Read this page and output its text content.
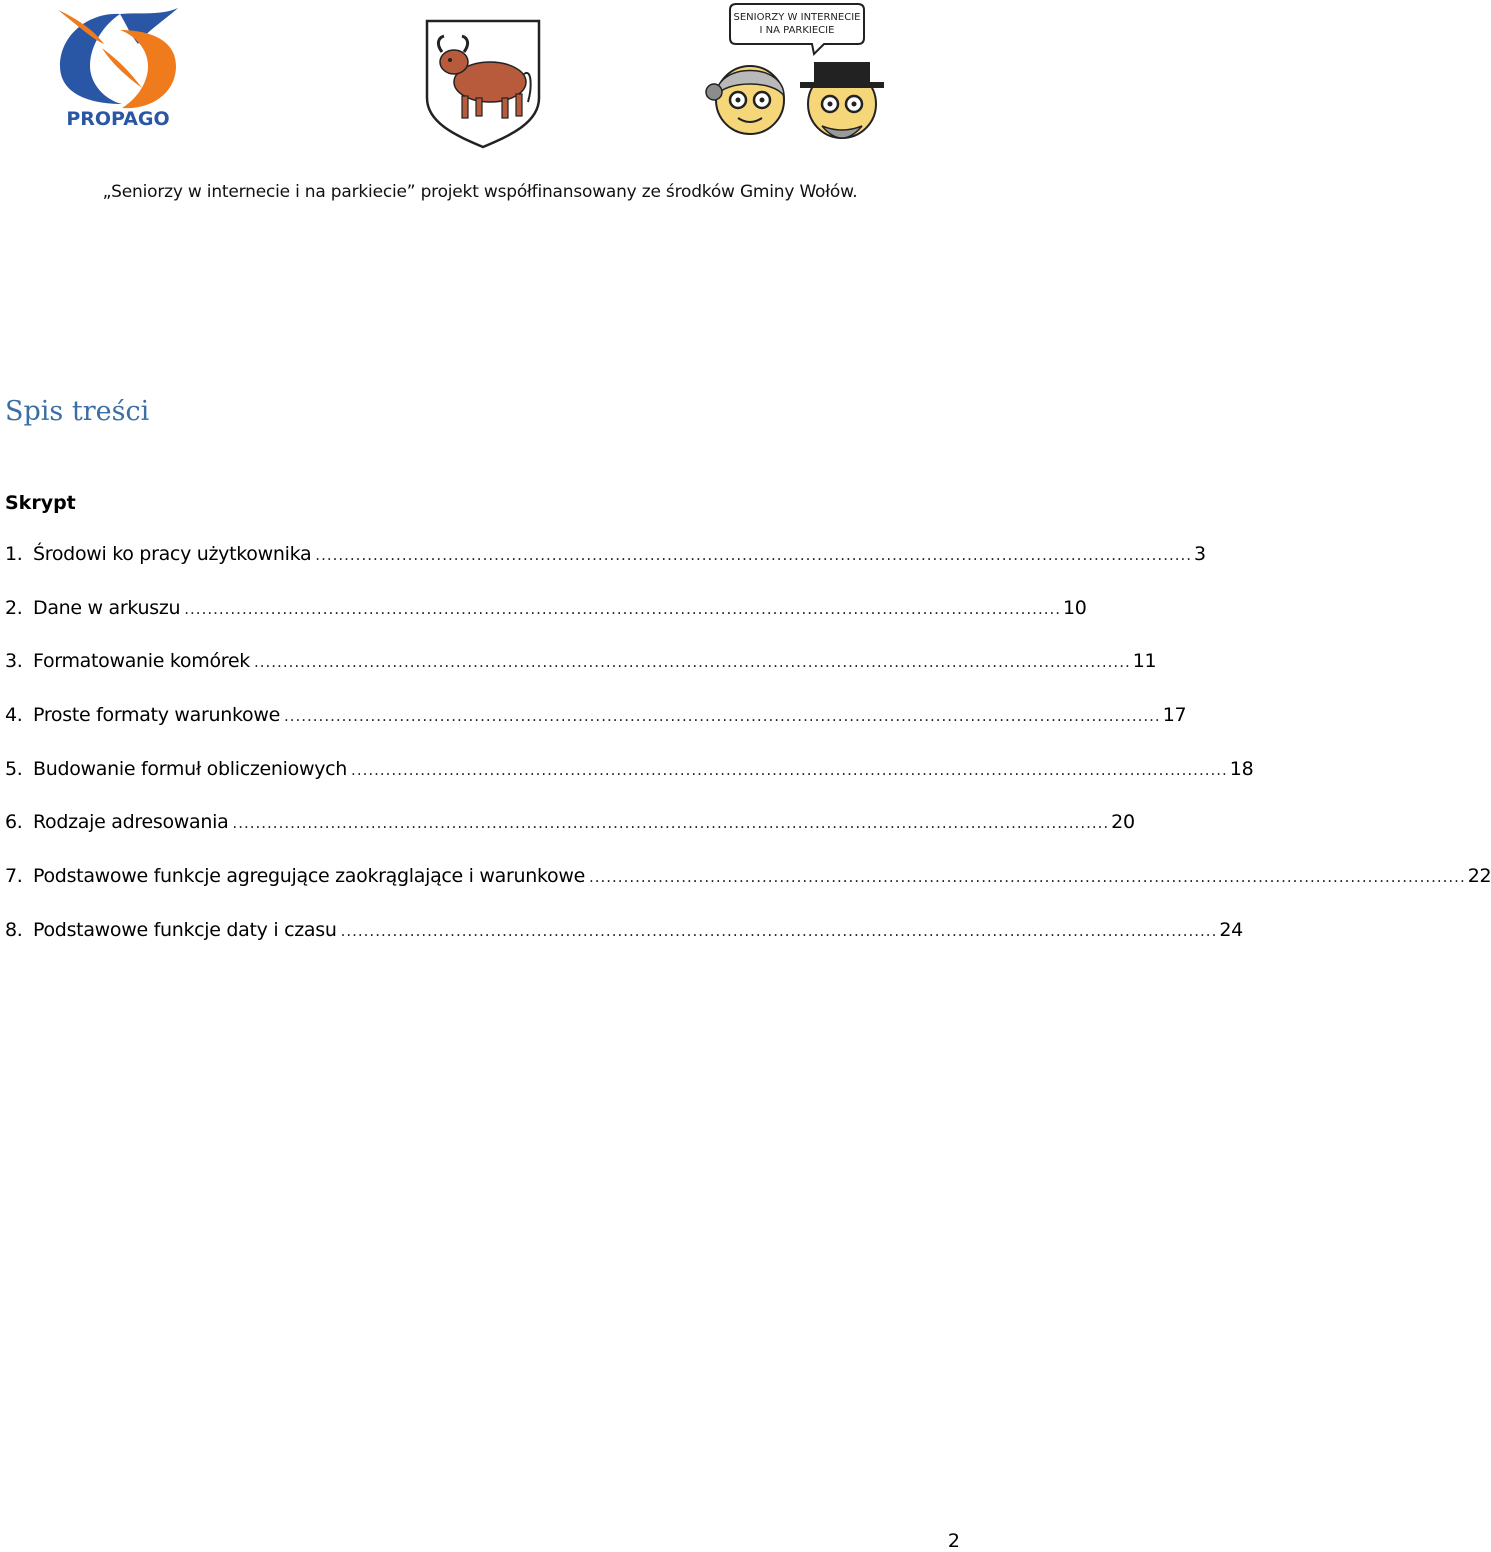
PROPAGO
SENIORZY W INTERNECIE
I NA PARKIECIE
„Seniorzy w internecie i na parkiecie” projekt współfinansowany ze środków Gminy Wołów.
Spis treści
Skrypt
1. Środowi ko pracy użytkownika ........................................................................................................................................................ 3
2. Dane w arkuszu ........................................................................................................................................................ 10
3. Formatowanie komórek ........................................................................................................................................................ 11
4. Proste formaty warunkowe ........................................................................................................................................................ 17
5. Budowanie formuł obliczeniowych ........................................................................................................................................................ 18
6. Rodzaje adresowania ........................................................................................................................................................ 20
7. Podstawowe funkcje agregujące zaokrąglające i warunkowe ........................................................................................................................................................ 22
8. Podstawowe funkcje daty i czasu ........................................................................................................................................................ 24
2
